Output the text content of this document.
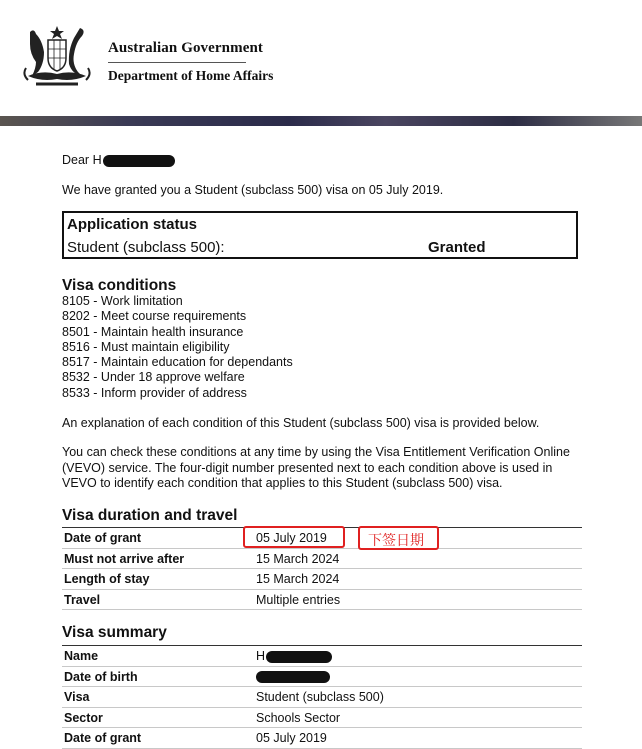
Australian Government
Department of Home Affairs
Dear H
We have granted you a Student (subclass 500) visa on 05 July 2019.
Application status
Student (subclass 500):	Granted
Visa conditions
8105 - Work limitation
8202 - Meet course requirements
8501 - Maintain health insurance
8516 - Must maintain eligibility
8517 - Maintain education for dependants
8532 - Under 18 approve welfare
8533 - Inform provider of address
An explanation of each condition of this Student (subclass 500) visa is provided below.
You can check these conditions at any time by using the Visa Entitlement Verification Online
(VEVO) service. The four-digit number presented next to each condition above is used in
VEVO to identify each condition that applies to this Student (subclass 500) visa.
Visa duration and travel
Date of grant	05 July 2019
Must not arrive after	15 March 2024
Length of stay	15 March 2024
Travel	Multiple entries
下签日期
Visa summary
Name	H
Date of birth
Visa	Student (subclass 500)
Sector	Schools Sector
Date of grant	05 July 2019
